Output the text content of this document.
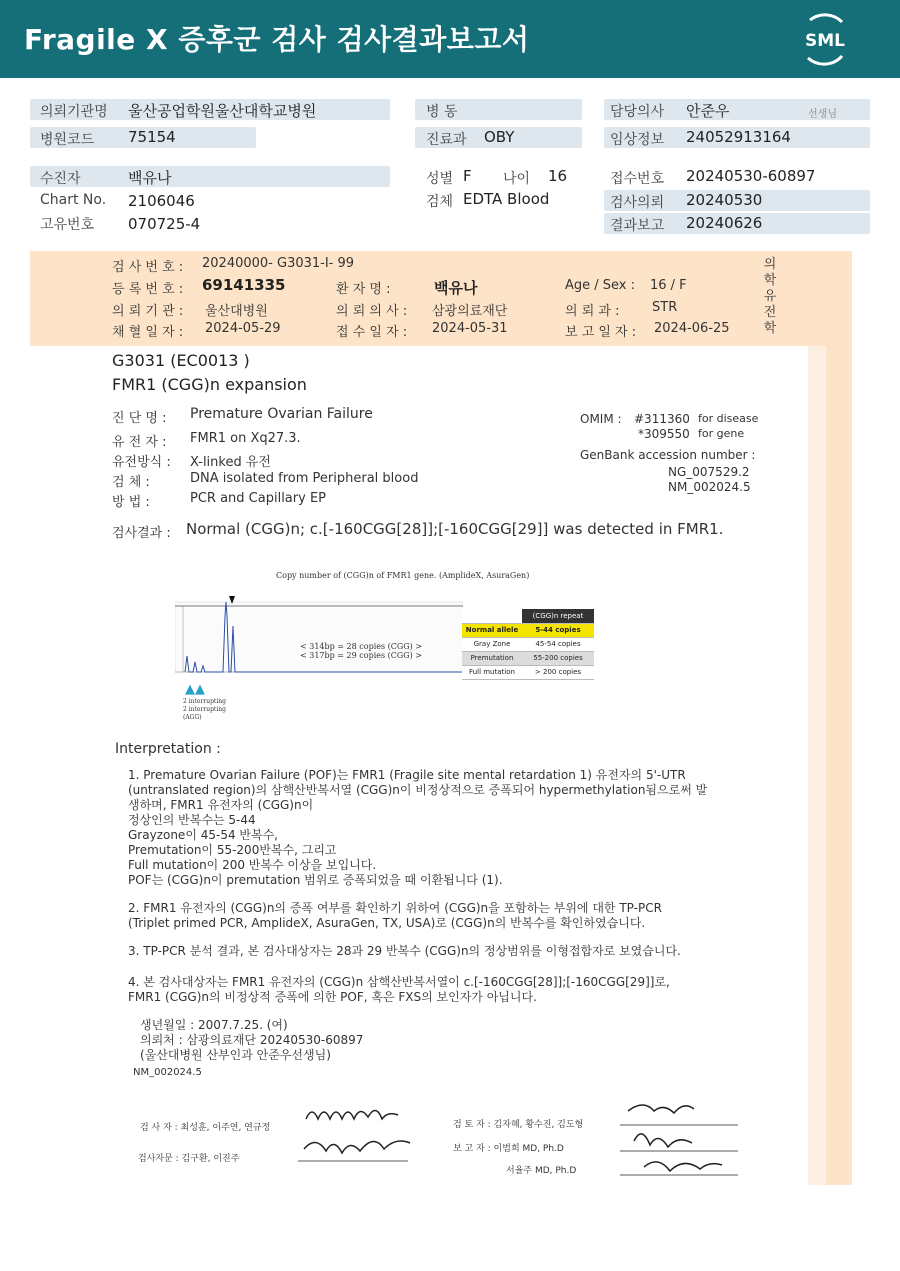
Fragile X 증후군 검사 검사결과보고서	SML
의뢰기관명 울산공업학원울산대학교병원
병원코드 75154
병 동
진료과 OBY
담당의사 안준우	선생님
임상정보 24052913164
수진자	백유나
Chart No. 2106046
고유번호 070725-4
성별 F 나이 16
검체 EDTA Blood
접수번호 20240530-60897
검사의뢰 20240530
결과보고 20240626
검 사 번 호 : 20240000- G3031-I- 99
등 록 번 호 : 69141335	환 자 명 :	백유나	Age / Sex : 16 / F
의 뢰 기 관 : 울산대병원	의 뢰 의 사 : 삼광의료재단	의 뢰 과 :	STR
채 혈 일 자 : 2024-05-29	접 수 일 자 : 2024-05-31	보 고 일 자 : 2024-06-25
의학유전학
G3031 (EC0013 )
FMR1 (CGG)n expansion
진 단 명 : Premature Ovarian Failure
유 전 자 : FMR1 on Xq27.3.
유전방식 : X-linked 유전
검 체 :	DNA isolated from Peripheral blood
방 법 :	PCR and Capillary EP
OMIM : #311360 for disease
*309550 for gene
GenBank accession number :
NG_007529.2
NM_002024.5
검사결과 : Normal (CGG)n; c.[-160CGG[28]];[-160CGG[29]] was detected in FMR1.
Copy number of (CGG)n of FMR1 gene. (AmplideX, AsuraGen)
< 314bp = 28 copies (CGG) >
< 317bp = 29 copies (CGG) >
▲▲
2 interrupting
2 interrupting
(AGG)
	(CGG)n repeat
Normal allele	5-44 copies
Gray Zone	45-54 copies
Premutation	55-200 copies
Full mutation	> 200 copies
Interpretation :
1. Premature Ovarian Failure (POF)는 FMR1 (Fragile site mental retardation 1) 유전자의 5'-UTR
(untranslated region)의 삼핵산반복서열 (CGG)n이 비정상적으로 증폭되어 hypermethylation됨으로써 발
생하며, FMR1 유전자의 (CGG)n이
정상인의 반복수는 5-44
Grayzone이 45-54 반복수,
Premutation이 55-200반복수, 그리고
Full mutation이 200 반복수 이상을 보입니다.
POF는 (CGG)n이 premutation 범위로 증폭되었을 때 이환됩니다 (1).
2. FMR1 유전자의 (CGG)n의 증폭 여부를 확인하기 위하여 (CGG)n을 포함하는 부위에 대한 TP-PCR
(Triplet primed PCR, AmplideX, AsuraGen, TX, USA)로 (CGG)n의 반복수를 확인하였습니다.
3. TP-PCR 분석 결과, 본 검사대상자는 28과 29 반복수 (CGG)n의 정상범위를 이형접합자로 보였습니다.
4. 본 검사대상자는 FMR1 유전자의 (CGG)n 삼핵산반복서열이 c.[-160CGG[28]];[-160CGG[29]]로,
FMR1 (CGG)n의 비정상적 증폭에 의한 POF, 혹은 FXS의 보인자가 아닙니다.
생년월일 : 2007.7.25. (여)
의뢰처 : 삼광의료재단 20240530-60897
(울산대병원 산부인과 안준우선생님)
NM_002024.5
검 사 자 : 최성훈, 이주연, 연규정
검사자문 : 김구환, 이진주
검 토 자 : 김자혜, 황수진, 김도형
보 고 자 : 이범희 MD, Ph.D
서율주 MD, Ph.D
